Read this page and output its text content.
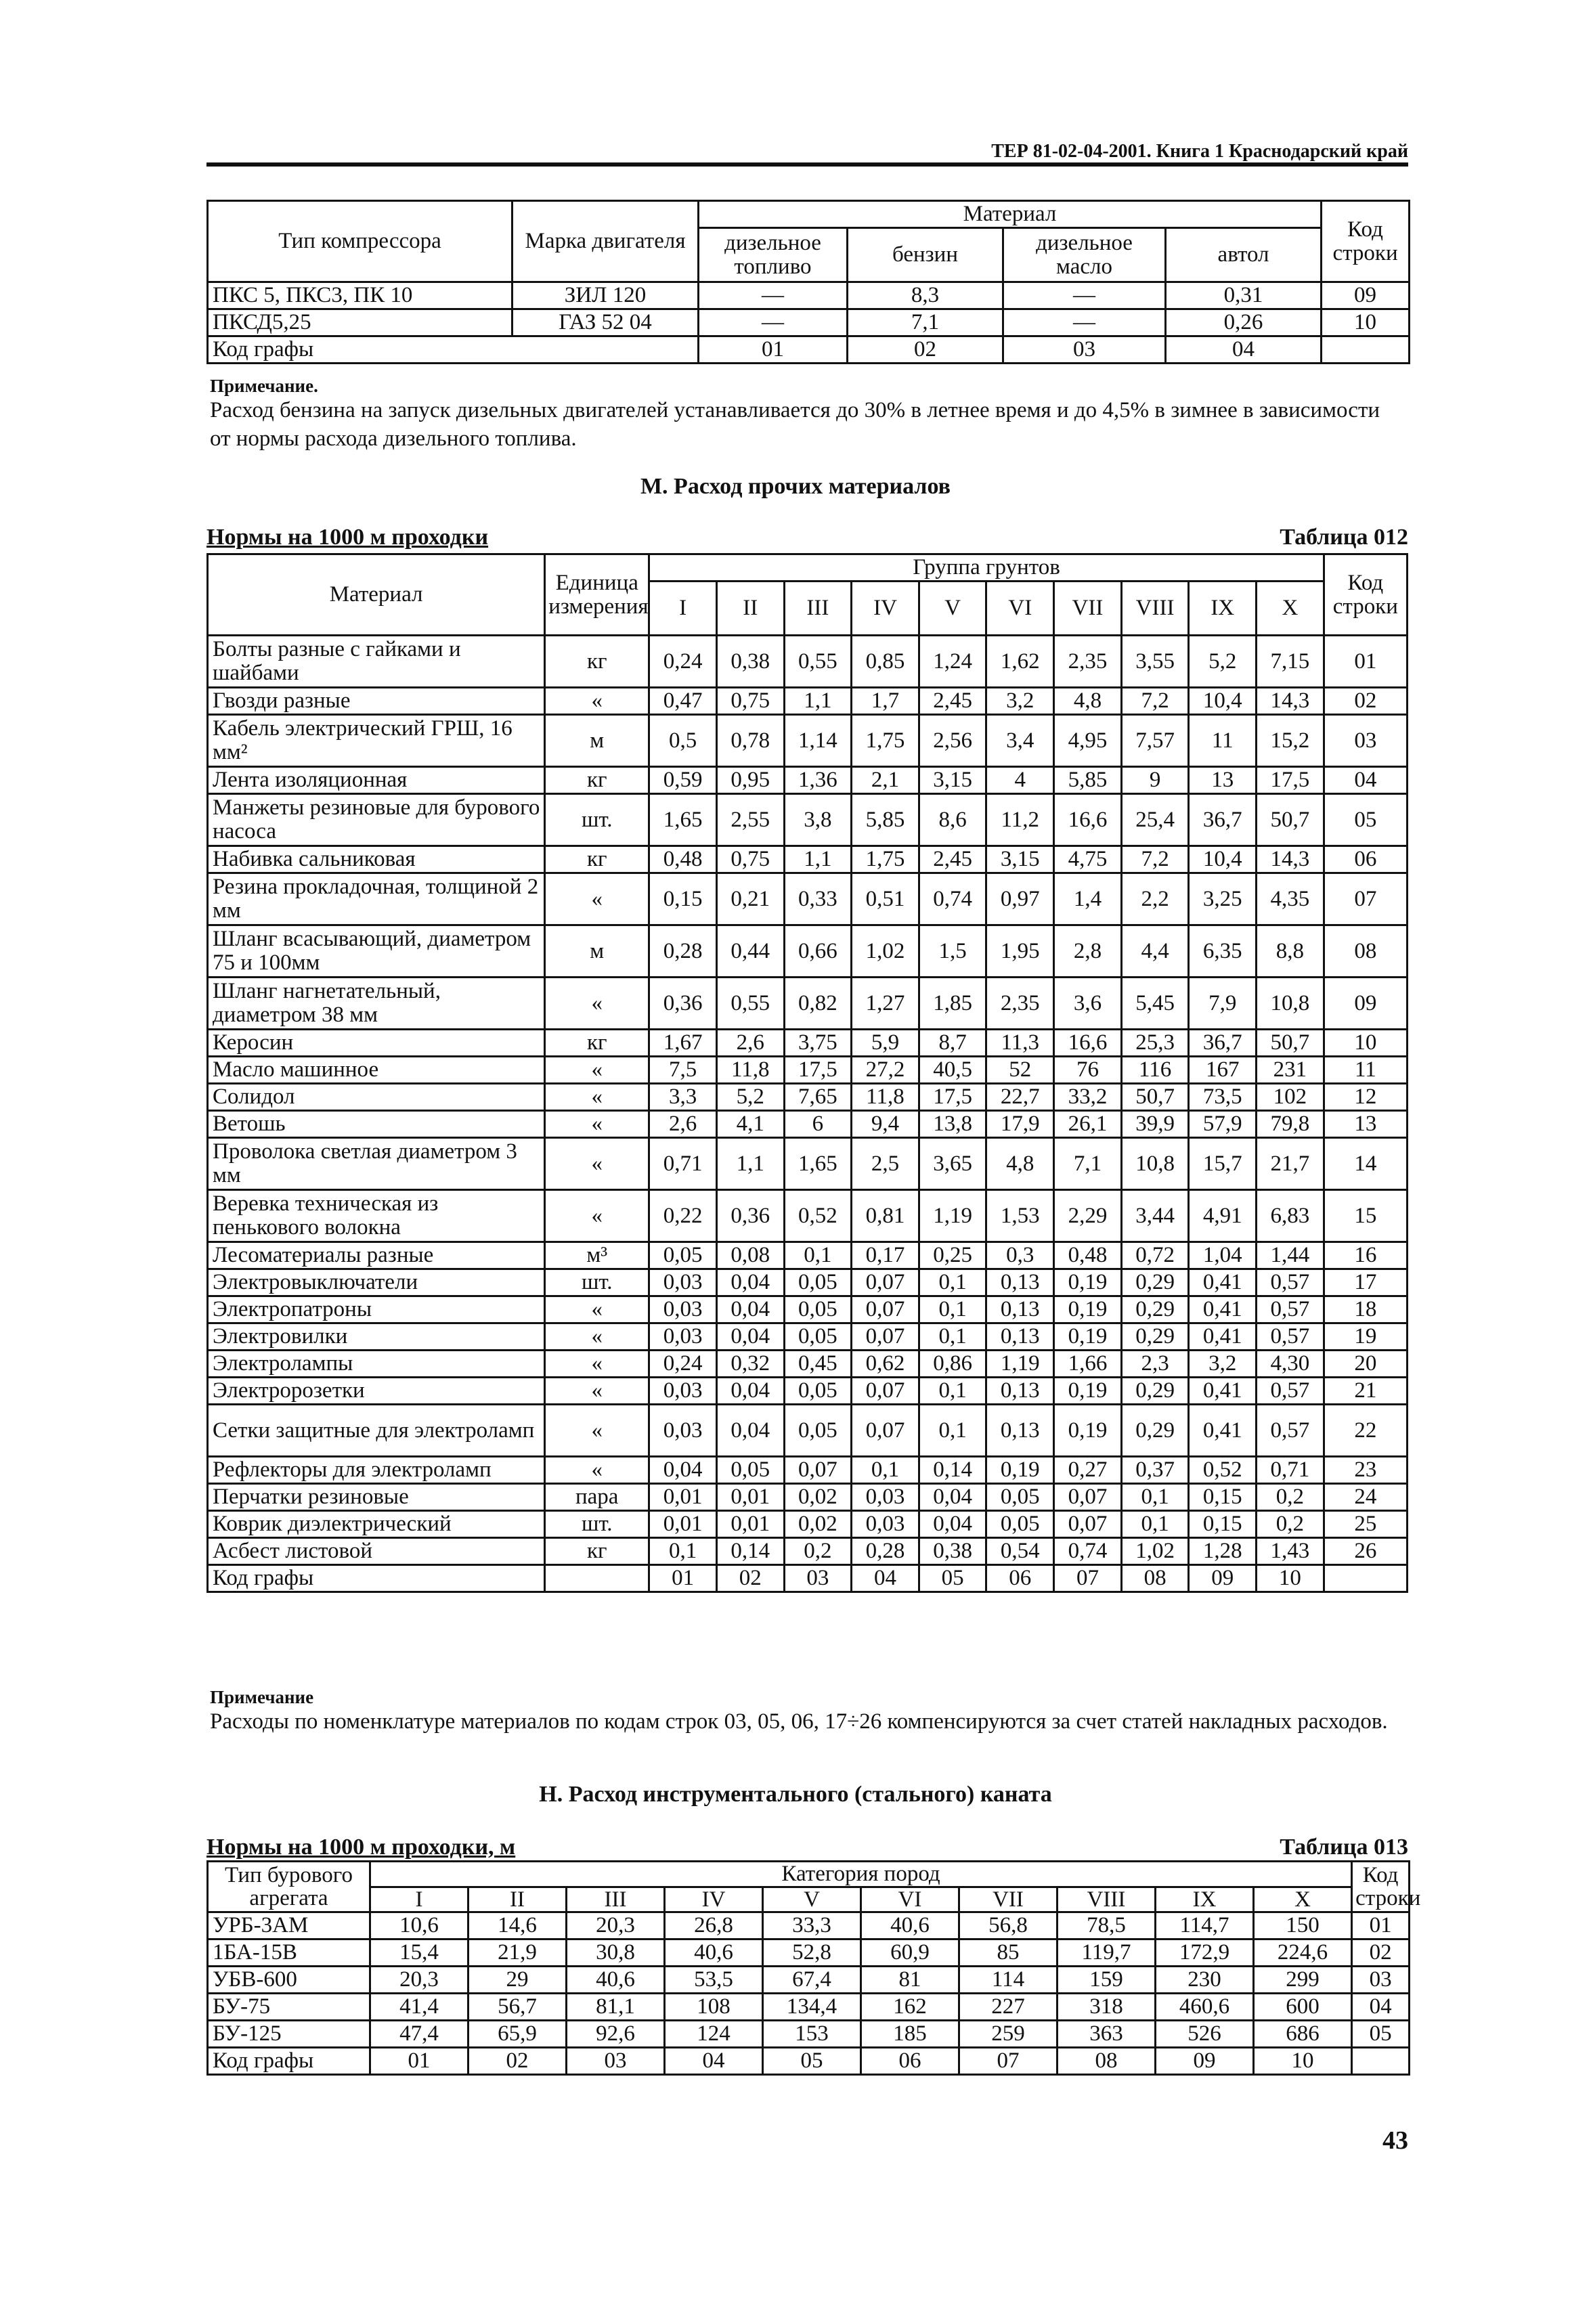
ТЕР 81-02-04-2001. Книга 1 Краснодарский край
Тип компрессора	Марка двигателя	Материал				Код строки
		дизельное топливо	бензин	дизельное масло	автол	
ПКС 5, ПКС3, ПК 10	ЗИЛ 120	—	8,3	—	0,31	09
ПКСД5,25	ГАЗ 52 04	—	7,1	—	0,26	10
Код графы		01	02	03	04	
Примечание.
Расход бензина на запуск дизельных двигателей устанавливается до 30% в летнее время и до 4,5% в зимнее в зависимости от нормы расхода дизельного топлива.
М. Расход прочих материалов
Нормы на 1000 м проходки	Таблица 012
Материал	Единица измерения	Группа грунтов										Код строки
		I	II	III	IV	V	VI	VII	VIII	IX	X	
Болты разные с гайками и шайбами	кг	0,24	0,38	0,55	0,85	1,24	1,62	2,35	3,55	5,2	7,15	01
Гвозди разные	«	0,47	0,75	1,1	1,7	2,45	3,2	4,8	7,2	10,4	14,3	02
Кабель электрический ГРШ, 16 мм²	м	0,5	0,78	1,14	1,75	2,56	3,4	4,95	7,57	11	15,2	03
Лента изоляционная	кг	0,59	0,95	1,36	2,1	3,15	4	5,85	9	13	17,5	04
Манжеты резиновые для бурового насоса	шт.	1,65	2,55	3,8	5,85	8,6	11,2	16,6	25,4	36,7	50,7	05
Набивка сальниковая	кг	0,48	0,75	1,1	1,75	2,45	3,15	4,75	7,2	10,4	14,3	06
Резина прокладочная, толщиной 2 мм	«	0,15	0,21	0,33	0,51	0,74	0,97	1,4	2,2	3,25	4,35	07
Шланг всасывающий, диаметром 75 и 100мм	м	0,28	0,44	0,66	1,02	1,5	1,95	2,8	4,4	6,35	8,8	08
Шланг нагнетательный, диаметром 38 мм	«	0,36	0,55	0,82	1,27	1,85	2,35	3,6	5,45	7,9	10,8	09
Керосин	кг	1,67	2,6	3,75	5,9	8,7	11,3	16,6	25,3	36,7	50,7	10
Масло машинное	«	7,5	11,8	17,5	27,2	40,5	52	76	116	167	231	11
Солидол	«	3,3	5,2	7,65	11,8	17,5	22,7	33,2	50,7	73,5	102	12
Ветошь	«	2,6	4,1	6	9,4	13,8	17,9	26,1	39,9	57,9	79,8	13
Проволока светлая диаметром 3 мм	«	0,71	1,1	1,65	2,5	3,65	4,8	7,1	10,8	15,7	21,7	14
Веревка техническая из пенькового волокна	«	0,22	0,36	0,52	0,81	1,19	1,53	2,29	3,44	4,91	6,83	15
Лесоматериалы разные	м³	0,05	0,08	0,1	0,17	0,25	0,3	0,48	0,72	1,04	1,44	16
Электровыключатели	шт.	0,03	0,04	0,05	0,07	0,1	0,13	0,19	0,29	0,41	0,57	17
Электропатроны	«	0,03	0,04	0,05	0,07	0,1	0,13	0,19	0,29	0,41	0,57	18
Электровилки	«	0,03	0,04	0,05	0,07	0,1	0,13	0,19	0,29	0,41	0,57	19
Электролампы	«	0,24	0,32	0,45	0,62	0,86	1,19	1,66	2,3	3,2	4,30	20
Электророзетки	«	0,03	0,04	0,05	0,07	0,1	0,13	0,19	0,29	0,41	0,57	21
Сетки защитные для электроламп	«	0,03	0,04	0,05	0,07	0,1	0,13	0,19	0,29	0,41	0,57	22
Рефлекторы для электроламп	«	0,04	0,05	0,07	0,1	0,14	0,19	0,27	0,37	0,52	0,71	23
Перчатки резиновые	пара	0,01	0,01	0,02	0,03	0,04	0,05	0,07	0,1	0,15	0,2	24
Коврик диэлектрический	шт.	0,01	0,01	0,02	0,03	0,04	0,05	0,07	0,1	0,15	0,2	25
Асбест листовой	кг	0,1	0,14	0,2	0,28	0,38	0,54	0,74	1,02	1,28	1,43	26
Код графы		01	02	03	04	05	06	07	08	09	10	
Примечание
Расходы по номенклатуре материалов по кодам строк 03, 05, 06, 17÷26 компенсируются за счет статей накладных расходов.
Н. Расход инструментального (стального) каната
Нормы на 1000 м проходки, м	Таблица 013
Тип бурового агрегата	Категория пород										Код строки
	I	II	III	IV	V	VI	VII	VIII	IX	X	
УРБ-3АМ	10,6	14,6	20,3	26,8	33,3	40,6	56,8	78,5	114,7	150	01
1БА-15В	15,4	21,9	30,8	40,6	52,8	60,9	85	119,7	172,9	224,6	02
УБВ-600	20,3	29	40,6	53,5	67,4	81	114	159	230	299	03
БУ-75	41,4	56,7	81,1	108	134,4	162	227	318	460,6	600	04
БУ-125	47,4	65,9	92,6	124	153	185	259	363	526	686	05
Код графы	01	02	03	04	05	06	07	08	09	10	
43
